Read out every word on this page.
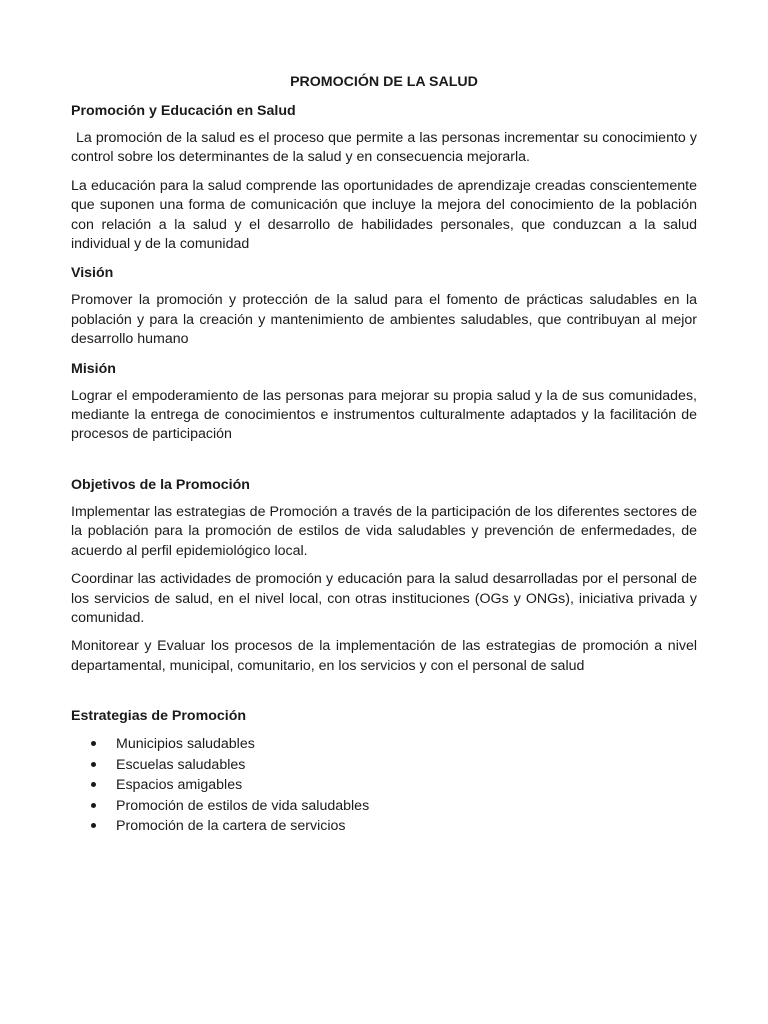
PROMOCIÓN DE LA SALUD
Promoción y Educación en Salud

La promoción de la salud es el proceso que permite a las personas incrementar su conocimiento y control sobre los determinantes de la salud y en consecuencia mejorarla.

La educación para la salud comprende las oportunidades de aprendizaje creadas conscientemente que suponen una forma de comunicación que incluye la mejora del conocimiento de la población con relación a la salud y el desarrollo de habilidades personales, que conduzcan a la salud individual y de la comunidad

Visión

Promover la promoción y protección de la salud para el fomento de prácticas saludables en la población y para la creación y mantenimiento de ambientes saludables, que contribuyan al mejor desarrollo humano

Misión

Lograr el empoderamiento de las personas para mejorar su propia salud y la de sus comunidades, mediante la entrega de conocimientos e instrumentos culturalmente adaptados y la facilitación de procesos de participación

Objetivos de la Promoción

Implementar las estrategias de Promoción a través de la participación de los diferentes sectores de la población para la promoción de estilos de vida saludables y prevención de enfermedades, de acuerdo al perfil epidemiológico local.

Coordinar las actividades de promoción y educación para la salud desarrolladas por el personal de los servicios de salud, en el nivel local, con otras instituciones (OGs y ONGs), iniciativa privada y comunidad.

Monitorear y Evaluar los procesos de la implementación de las estrategias de promoción a nivel departamental, municipal, comunitario, en los servicios y con el personal de salud

Estrategias de Promoción
Municipios saludables
Escuelas saludables
Espacios amigables
Promoción de estilos de vida saludables
Promoción de la cartera de servicios
